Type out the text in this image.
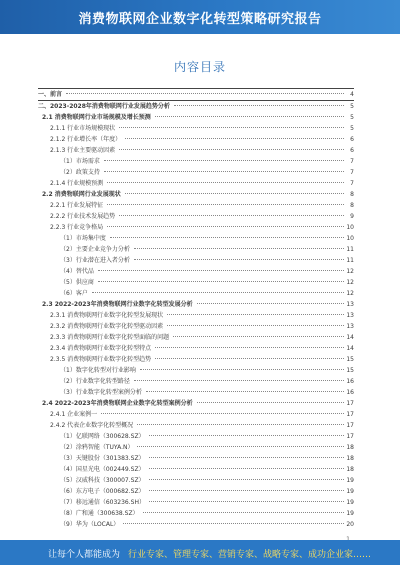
消费物联网企业数字化转型策略研究报告
内容目录
一、前言	4
二、2023-2028年消费物联网行业发展趋势分析	5
2.1 消费物联网行业市场规模及增长预测	5
2.1.1 行业市场规模现状	5
2.1.2 行业增长率（年度）	6
2.1.3 行业主要驱动因素	6
（1）市场需求	7
（2）政策支持	7
2.1.4 行业规模预测	7
2.2 消费物联网行业发展现状	8
2.2.1 行业发展特征	8
2.2.2 行业技术发展趋势	9
2.2.3 行业竞争格局	10
（1）市场集中度	10
（2）主要企业竞争力分析	11
（3）行业潜在进入者分析	11
（4）替代品	12
（5）供应商	12
（6）客户	12
2.3 2022-2023年消费物联网行业数字化转型发展分析	13
2.3.1 消费物联网行业数字化转型发展现状	13
2.3.2 消费物联网行业数字化转型驱动因素	13
2.3.3 消费物联网行业数字化转型面临的问题	14
2.3.4 消费物联网行业数字化转型特点	14
2.3.5 消费物联网行业数字化转型趋势	15
（1）数字化转型对行业影响	15
（2）行业数字化转型路径	16
（3）行业数字化转型案例分析	16
2.4 2022-2023年消费物联网企业数字化转型案例分析	17
2.4.1 企业案例一	17
2.4.2 代表企业数字化转型概况	17
（1）亿联网络（300628.SZ）	17
（2）涂鸦智能（TUYA.N）	18
（3）天键股份（301383.SZ）	18
（4）国星光电（002449.SZ）	18
（5）汉威科技（300007.SZ）	19
（6）东方电子（000682.SZ）	19
（7）移远通信（603236.SH）	19
（8）广和通（300638.SZ）	19
（9）华为（LOCAL）	20
让每个人都能成为 行业专家、管理专家、营销专家、战略专家、成功企业家……
